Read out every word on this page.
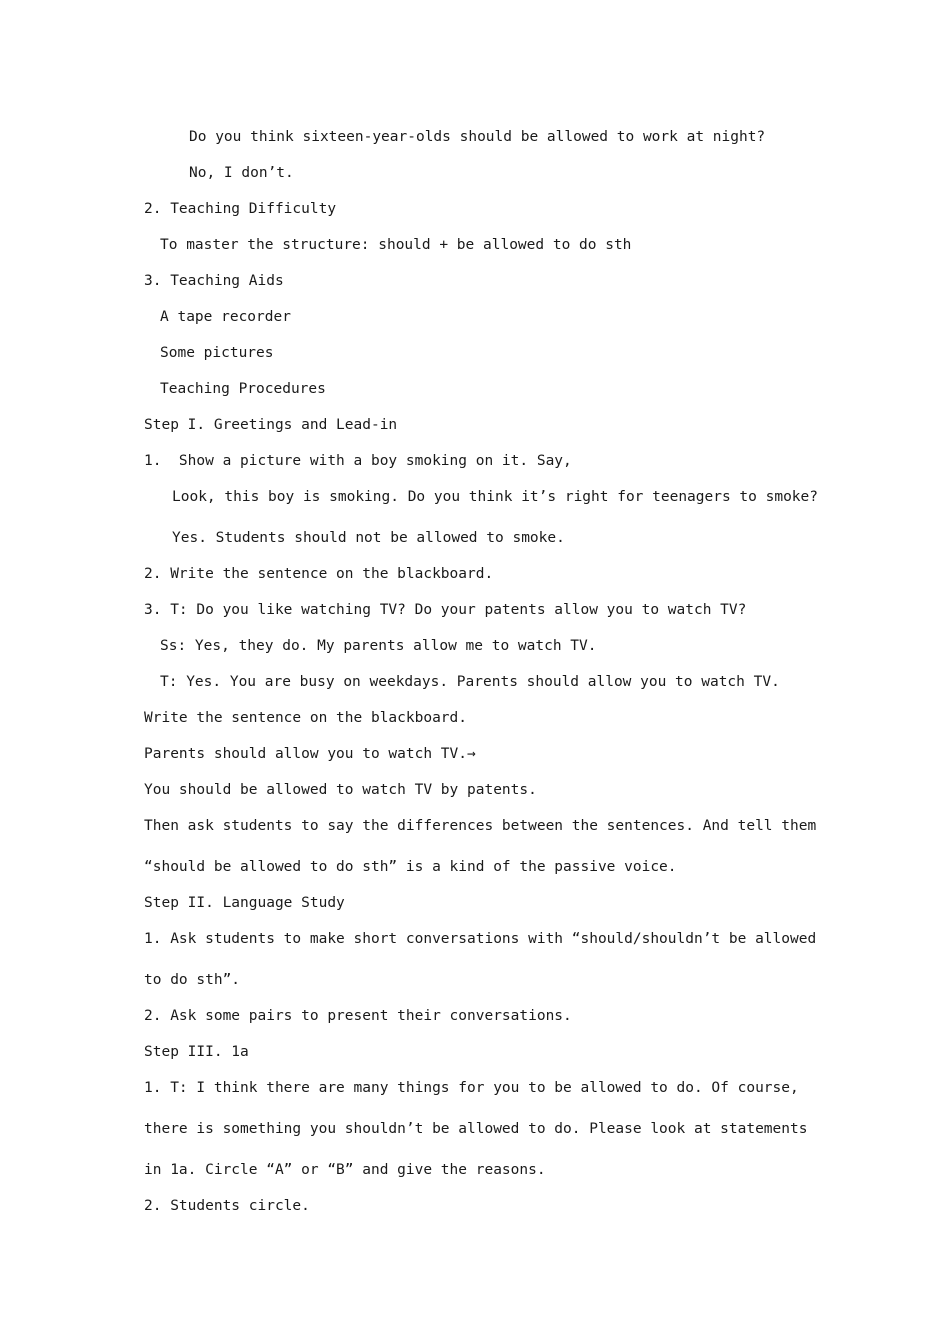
Do you think sixteen-year-olds should be allowed to work at night?
No, I don’t.
2. Teaching Difficulty
To master the structure: should + be allowed to do sth
3. Teaching Aids
A tape recorder
Some pictures
Teaching Procedures
Step I. Greetings and Lead-in
1.  Show a picture with a boy smoking on it. Say,
Look, this boy is smoking. Do you think it’s right for teenagers to smoke?
Yes. Students should not be allowed to smoke.
2. Write the sentence on the blackboard.
3. T: Do you like watching TV? Do your patents allow you to watch TV?
Ss: Yes, they do. My parents allow me to watch TV.
T: Yes. You are busy on weekdays. Parents should allow you to watch TV.
Write the sentence on the blackboard.
Parents should allow you to watch TV.→
You should be allowed to watch TV by patents.
Then ask students to say the differences between the sentences. And tell them
“should be allowed to do sth” is a kind of the passive voice.
Step II. Language Study
1. Ask students to make short conversations with “should/shouldn’t be allowed
to do sth”.
2. Ask some pairs to present their conversations.
Step III. 1a
1. T: I think there are many things for you to be allowed to do. Of course,
there is something you shouldn’t be allowed to do. Please look at statements
in 1a. Circle “A” or “B” and give the reasons.
2. Students circle.
